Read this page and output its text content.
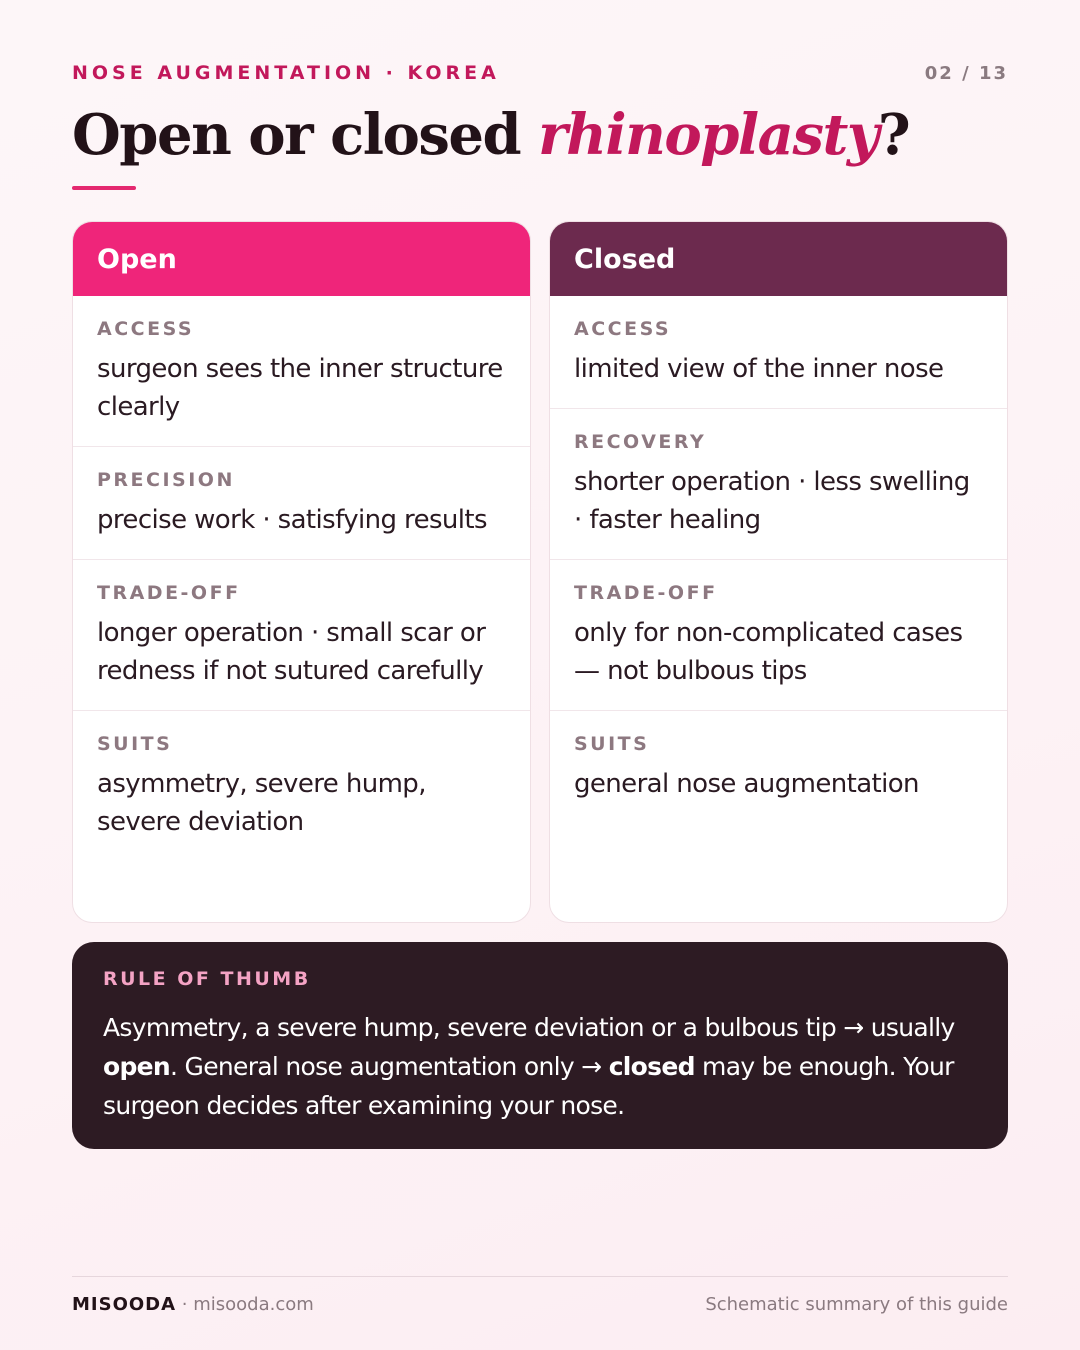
NOSE AUGMENTATION · KOREA	02 / 13
Open or closed rhinoplasty?
Open
ACCESS
surgeon sees the inner structure clearly
PRECISION
precise work · satisfying results
TRADE-OFF
longer operation · small scar or redness if not sutured carefully
SUITS
asymmetry, severe hump, severe deviation
Closed
ACCESS
limited view of the inner nose
RECOVERY
shorter operation · less swelling · faster healing
TRADE-OFF
only for non-complicated cases — not bulbous tips
SUITS
general nose augmentation
RULE OF THUMB
Asymmetry, a severe hump, severe deviation or a bulbous tip → usually open. General nose augmentation only → closed may be enough. Your surgeon decides after examining your nose.
MISOODA · misooda.com	Schematic summary of this guide
